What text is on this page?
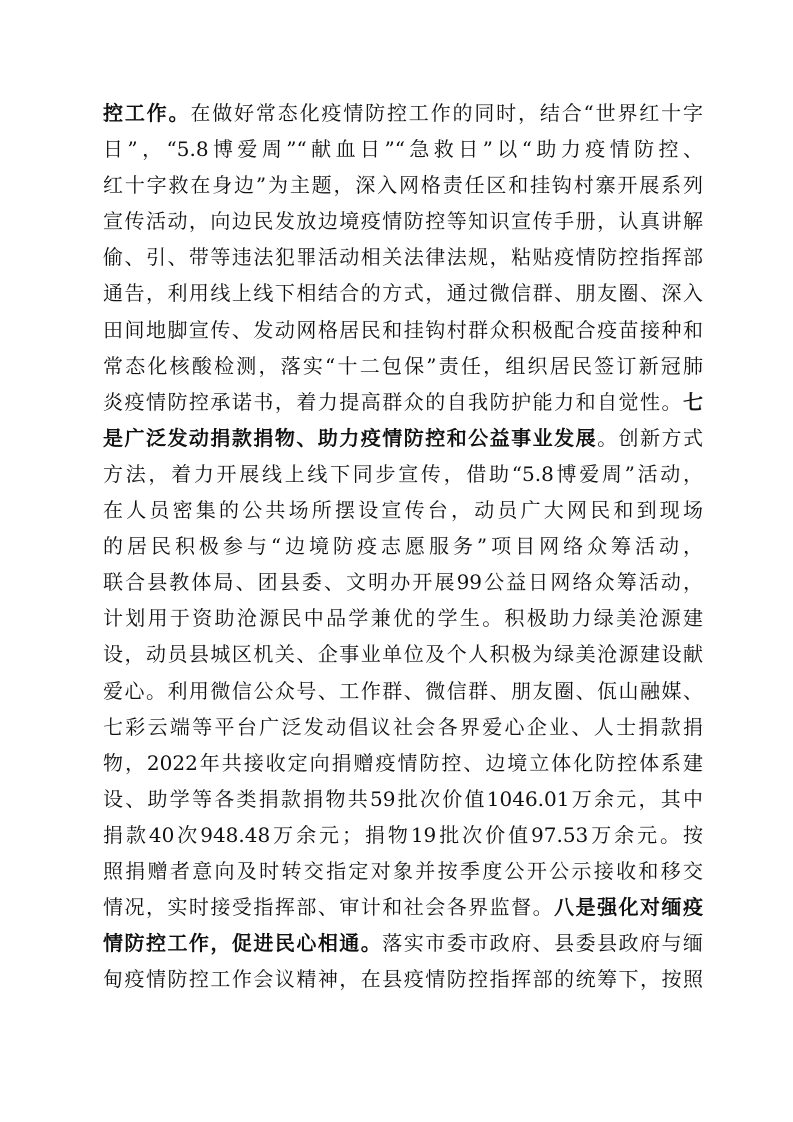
控工作。在做好常态化疫情防控工作的同时，结合“世界红十字
日”，“5.8博爱周”“献血日”“急救日”以“助力疫情防控、
红十字救在身边”为主题，深入网格责任区和挂钩村寨开展系列
宣传活动，向边民发放边境疫情防控等知识宣传手册，认真讲解
偷、引、带等违法犯罪活动相关法律法规，粘贴疫情防控指挥部
通告，利用线上线下相结合的方式，通过微信群、朋友圈、深入
田间地脚宣传、发动网格居民和挂钩村群众积极配合疫苗接种和
常态化核酸检测，落实“十二包保”责任，组织居民签订新冠肺
炎疫情防控承诺书，着力提高群众的自我防护能力和自觉性。七
是广泛发动捐款捐物、助力疫情防控和公益事业发展。创新方式
方法，着力开展线上线下同步宣传，借助“5.8博爱周”活动，
在人员密集的公共场所摆设宣传台，动员广大网民和到现场
的居民积极参与“边境防疫志愿服务”项目网络众筹活动，
联合县教体局、团县委、文明办开展99公益日网络众筹活动，
计划用于资助沧源民中品学兼优的学生。积极助力绿美沧源建
设，动员县城区机关、企事业单位及个人积极为绿美沧源建设献
爱心。利用微信公众号、工作群、微信群、朋友圈、佤山融媒、
七彩云端等平台广泛发动倡议社会各界爱心企业、人士捐款捐
物，2022年共接收定向捐赠疫情防控、边境立体化防控体系建
设、助学等各类捐款捐物共59批次价值1046.01万余元，其中
捐款40次948.48万余元；捐物19批次价值97.53万余元。按
照捐赠者意向及时转交指定对象并按季度公开公示接收和移交
情况，实时接受指挥部、审计和社会各界监督。八是强化对缅疫
情防控工作，促进民心相通。落实市委市政府、县委县政府与缅
甸疫情防控工作会议精神，在县疫情防控指挥部的统筹下，按照
